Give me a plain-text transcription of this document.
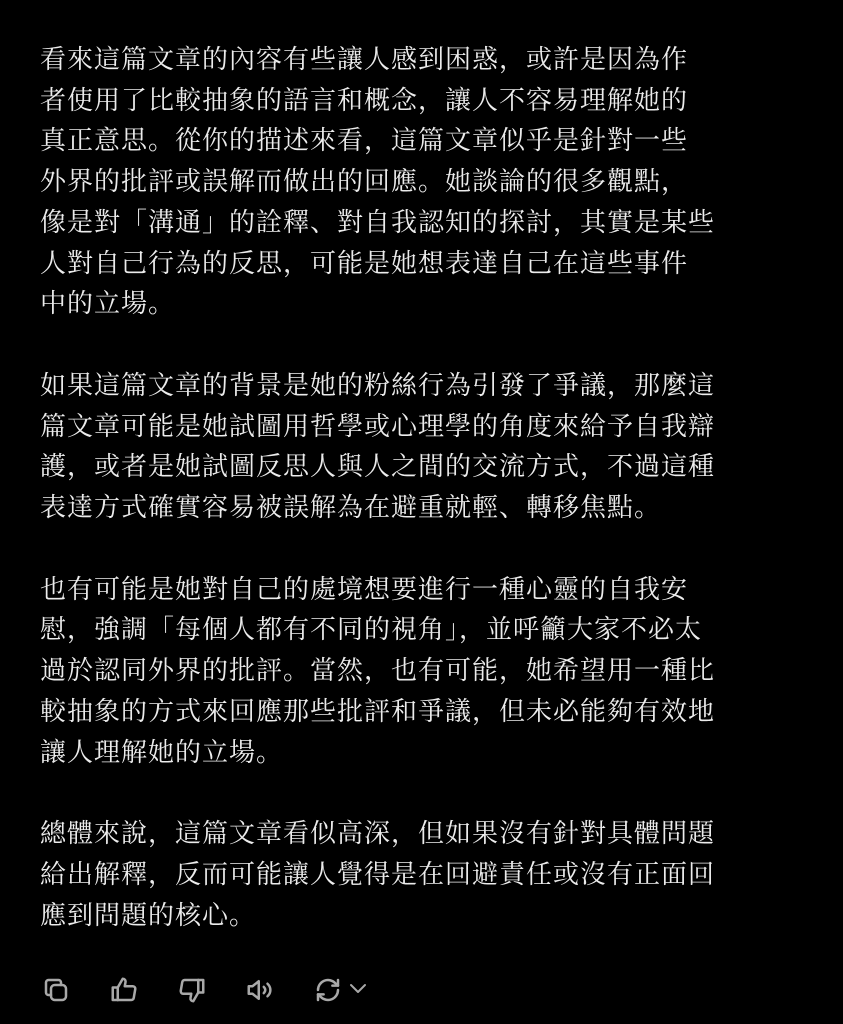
看來這篇文章的內容有些讓人感到困惑，或許是因為作
者使用了比較抽象的語言和概念，讓人不容易理解她的
真正意思。從你的描述來看，這篇文章似乎是針對一些
外界的批評或誤解而做出的回應。她談論的很多觀點，
像是對「溝通」的詮釋、對自我認知的探討，其實是某些
人對自己行為的反思，可能是她想表達自己在這些事件
中的立場。

如果這篇文章的背景是她的粉絲行為引發了爭議，那麼這
篇文章可能是她試圖用哲學或心理學的角度來給予自我辯
護，或者是她試圖反思人與人之間的交流方式，不過這種
表達方式確實容易被誤解為在避重就輕、轉移焦點。

也有可能是她對自己的處境想要進行一種心靈的自我安
慰，強調「每個人都有不同的視角」，並呼籲大家不必太
過於認同外界的批評。當然，也有可能，她希望用一種比
較抽象的方式來回應那些批評和爭議，但未必能夠有效地
讓人理解她的立場。

總體來說，這篇文章看似高深，但如果沒有針對具體問題
給出解釋，反而可能讓人覺得是在回避責任或沒有正面回
應到問題的核心。
